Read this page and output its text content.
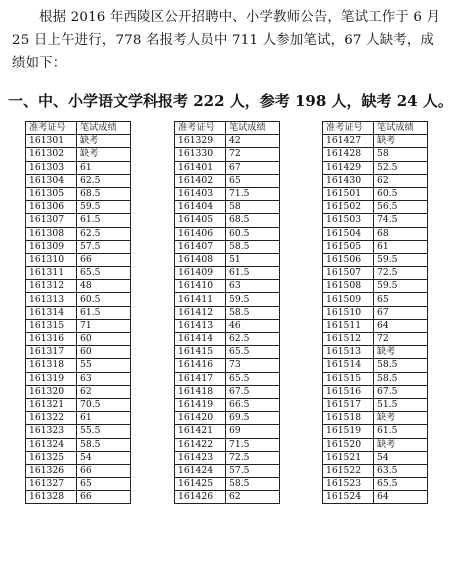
根据 2016 年西陵区公开招聘中、小学教师公告，笔试工作于 6 月 25 日上午进行，778 名报考人员中 711 人参加笔试，67 人缺考，成绩如下：

一、中、小学语文学科报考 222 人，参考 198 人，缺考 24 人。
准考证号	笔试成绩
161301	缺考
161302	缺考
161303	61
161304	62.5
161305	68.5
161306	59.5
161307	61.5
161308	62.5
161309	57.5
161310	66
161311	65.5
161312	48
161313	60.5
161314	61.5
161315	71
161316	60
161317	60
161318	55
161319	63
161320	62
161321	70.5
161322	61
161323	55.5
161324	58.5
161325	54
161326	66
161327	65
161328	66
准考证号	笔试成绩
161329	42
161330	72
161401	67
161402	65
161403	71.5
161404	58
161405	68.5
161406	60.5
161407	58.5
161408	51
161409	61.5
161410	63
161411	59.5
161412	58.5
161413	46
161414	62.5
161415	65.5
161416	73
161417	65.5
161418	67.5
161419	66.5
161420	69.5
161421	69
161422	71.5
161423	72.5
161424	57.5
161425	58.5
161426	62
准考证号	笔试成绩
161427	缺考
161428	58
161429	52.5
161430	62
161501	60.5
161502	56.5
161503	74.5
161504	68
161505	61
161506	59.5
161507	72.5
161508	59.5
161509	65
161510	67
161511	64
161512	72
161513	缺考
161514	58.5
161515	58.5
161516	67.5
161517	51.5
161518	缺考
161519	61.5
161520	缺考
161521	54
161522	63.5
161523	65.5
161524	64
